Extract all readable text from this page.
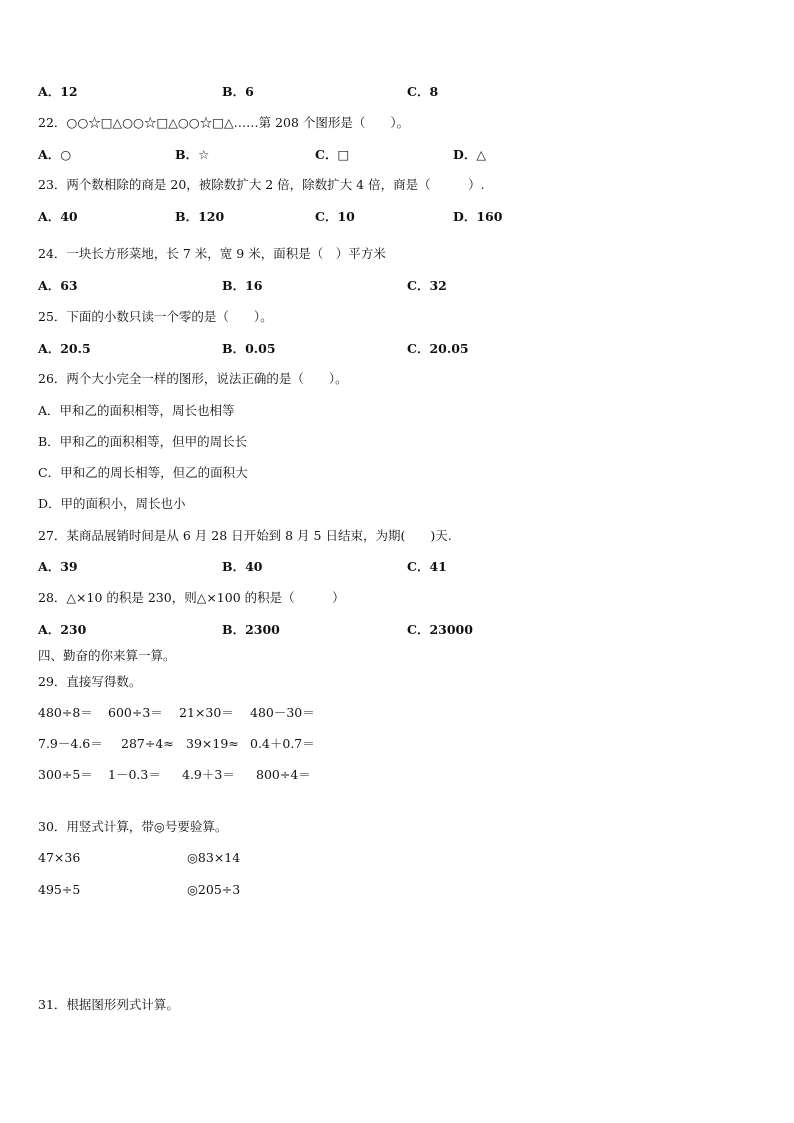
A．12	B．6	C．8
22．○○☆□△○○☆□△○○☆□△……第 208 个图形是（　　）。
A．○	B．☆	C．□	D．△
23．两个数相除的商是 20，被除数扩大 2 倍，除数扩大 4 倍，商是（　　　）.
A．40	B．120	C．10	D．160
24．一块长方形菜地，长 7 米，宽 9 米，面积是（　）平方米
A．63	B．16	C．32
25．下面的小数只读一个零的是（　　）。
A．20.5	B．0.05	C．20.05
26．两个大小完全一样的图形，说法正确的是（　　）。
A．甲和乙的面积相等，周长也相等
B．甲和乙的面积相等，但甲的周长长
C．甲和乙的周长相等，但乙的面积大
D．甲的面积小，周长也小
27．某商品展销时间是从 6 月 28 日开始到 8 月 5 日结束，为期(　　)天.
A．39	B．40	C．41
28．△×10 的积是 230，则△×100 的积是（　　　）
A．230	B．2300	C．23000
四、勤奋的你来算一算。
29．直接写得数。
480÷8＝ 600÷3＝ 21×30＝ 480－30＝
7.9－4.6＝ 287÷4≈ 39×19≈ 0.4＋0.7＝
300÷5＝ 1－0.3＝ 4.9＋3＝ 800÷4＝
30．用竖式计算，带◎号要验算。
47×36	◎83×14
495÷5	◎205÷3
31．根据图形列式计算。
